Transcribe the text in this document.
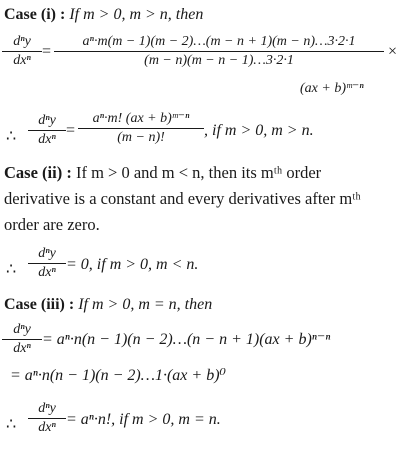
Case (i) : If m > 0, m > n, then
dⁿy
dxⁿ
= $\frac{\text{aⁿ·m(m − 1)(m − 2)…(m − n + 1)(m − n)…3·2·1}}{(m - n)(m - n - 1)\dots 3\cdot 2\cdot 1}$ ×
(ax + b)ᵐ⁻ⁿ
∴
dⁿy
dxⁿ
= $\frac{\text{aⁿ·m! (ax + b)ᵐ⁻ⁿ}}{(m - n)!}$ , if m > 0, m > n.
Case (ii) : If m > 0 and m < n, then its mᵗʰ order
derivative is a constant and every derivatives after mᵗʰ
order are zero.
∴
dⁿy
dxⁿ = 0, if m > 0, m < n.
Case (iii) : If m > 0, m = n, then
dⁿy
dxⁿ
= aⁿ·n(n − 1)(n − 2)…(n − n + 1)(ax + b)ⁿ⁻ⁿ
= aⁿ·n(n − 1)(n − 2)…1·(ax + b)⁰
∴
dⁿy
dxⁿ = aⁿ·n!, if m > 0, m = n.
